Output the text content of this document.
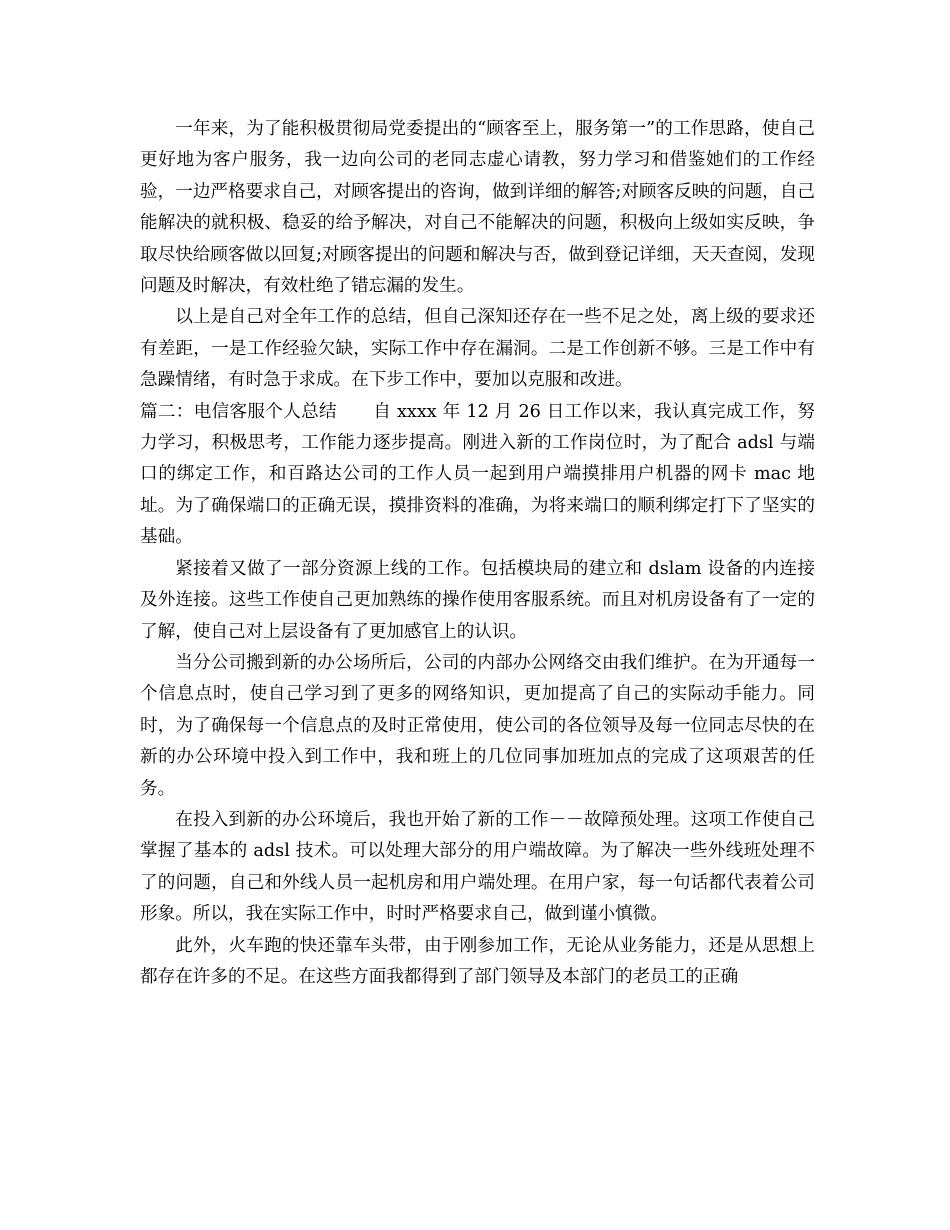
一年来，为了能积极贯彻局党委提出的“顾客至上，服务第一”的工作思路，使自己更好地为客户服务，我一边向公司的老同志虚心请教，努力学习和借鉴她们的工作经验，一边严格要求自己，对顾客提出的咨询，做到详细的解答;对顾客反映的问题，自己能解决的就积极、稳妥的给予解决，对自己不能解决的问题，积极向上级如实反映，争取尽快给顾客做以回复;对顾客提出的问题和解决与否，做到登记详细，天天查阅，发现问题及时解决，有效杜绝了错忘漏的发生。

以上是自己对全年工作的总结，但自己深知还存在一些不足之处，离上级的要求还有差距，一是工作经验欠缺，实际工作中存在漏洞。二是工作创新不够。三是工作中有急躁情绪，有时急于求成。在下步工作中，要加以克服和改进。

篇二：电信客服个人总结 自 xxxx 年 12 月 26 日工作以来，我认真完成工作，努力学习，积极思考，工作能力逐步提高。刚进入新的工作岗位时，为了配合 adsl 与端口的绑定工作，和百路达公司的工作人员一起到用户端摸排用户机器的网卡 mac 地址。为了确保端口的正确无误，摸排资料的准确，为将来端口的顺利绑定打下了坚实的基础。

紧接着又做了一部分资源上线的工作。包括模块局的建立和 dslam 设备的内连接及外连接。这些工作使自己更加熟练的操作使用客服系统。而且对机房设备有了一定的了解，使自己对上层设备有了更加感官上的认识。

当分公司搬到新的办公场所后，公司的内部办公网络交由我们维护。在为开通每一个信息点时，使自己学习到了更多的网络知识，更加提高了自己的实际动手能力。同时，为了确保每一个信息点的及时正常使用，使公司的各位领导及每一位同志尽快的在新的办公环境中投入到工作中，我和班上的几位同事加班加点的完成了这项艰苦的任务。

在投入到新的办公环境后，我也开始了新的工作－－故障预处理。这项工作使自己掌握了基本的 adsl 技术。可以处理大部分的用户端故障。为了解决一些外线班处理不了的问题，自己和外线人员一起机房和用户端处理。在用户家，每一句话都代表着公司形象。所以，我在实际工作中，时时严格要求自己，做到谨小慎微。

此外，火车跑的快还靠车头带，由于刚参加工作，无论从业务能力，还是从思想上都存在许多的不足。在这些方面我都得到了部门领导及本部门的老员工的正确
